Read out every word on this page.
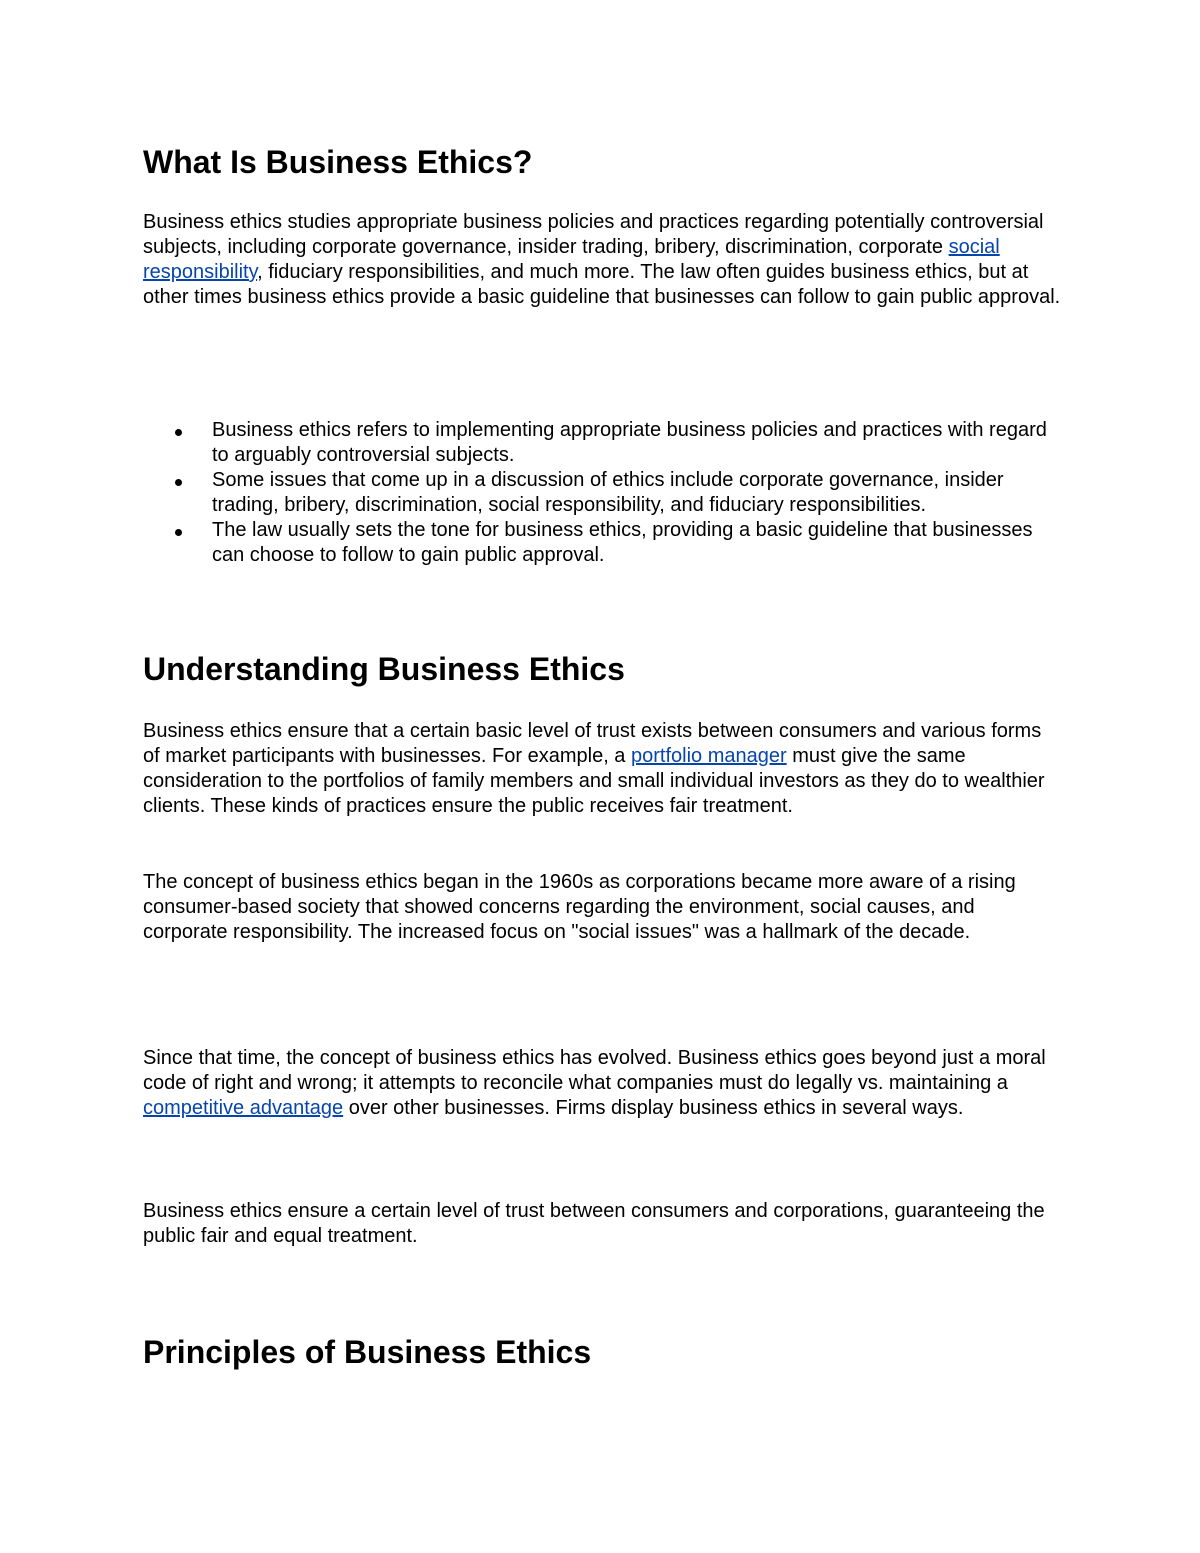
What Is Business Ethics?

Business ethics studies appropriate business policies and practices regarding potentially controversial subjects, including corporate governance, insider trading, bribery, discrimination, corporate social responsibility, fiduciary responsibilities, and much more. The law often guides business ethics, but at other times business ethics provide a basic guideline that businesses can follow to gain public approval.

Business ethics refers to implementing appropriate business policies and practices with regard to arguably controversial subjects.
Some issues that come up in a discussion of ethics include corporate governance, insider trading, bribery, discrimination, social responsibility, and fiduciary responsibilities.
The law usually sets the tone for business ethics, providing a basic guideline that businesses can choose to follow to gain public approval.
Understanding Business Ethics

Business ethics ensure that a certain basic level of trust exists between consumers and various forms of market participants with businesses. For example, a portfolio manager must give the same consideration to the portfolios of family members and small individual investors as they do to wealthier clients. These kinds of practices ensure the public receives fair treatment.

The concept of business ethics began in the 1960s as corporations became more aware of a rising consumer-based society that showed concerns regarding the environment, social causes, and corporate responsibility. The increased focus on "social issues" was a hallmark of the decade.

Since that time, the concept of business ethics has evolved. Business ethics goes beyond just a moral code of right and wrong; it attempts to reconcile what companies must do legally vs. maintaining a competitive advantage over other businesses. Firms display business ethics in several ways.

Business ethics ensure a certain level of trust between consumers and corporations, guaranteeing the public fair and equal treatment.

Principles of Business Ethics
